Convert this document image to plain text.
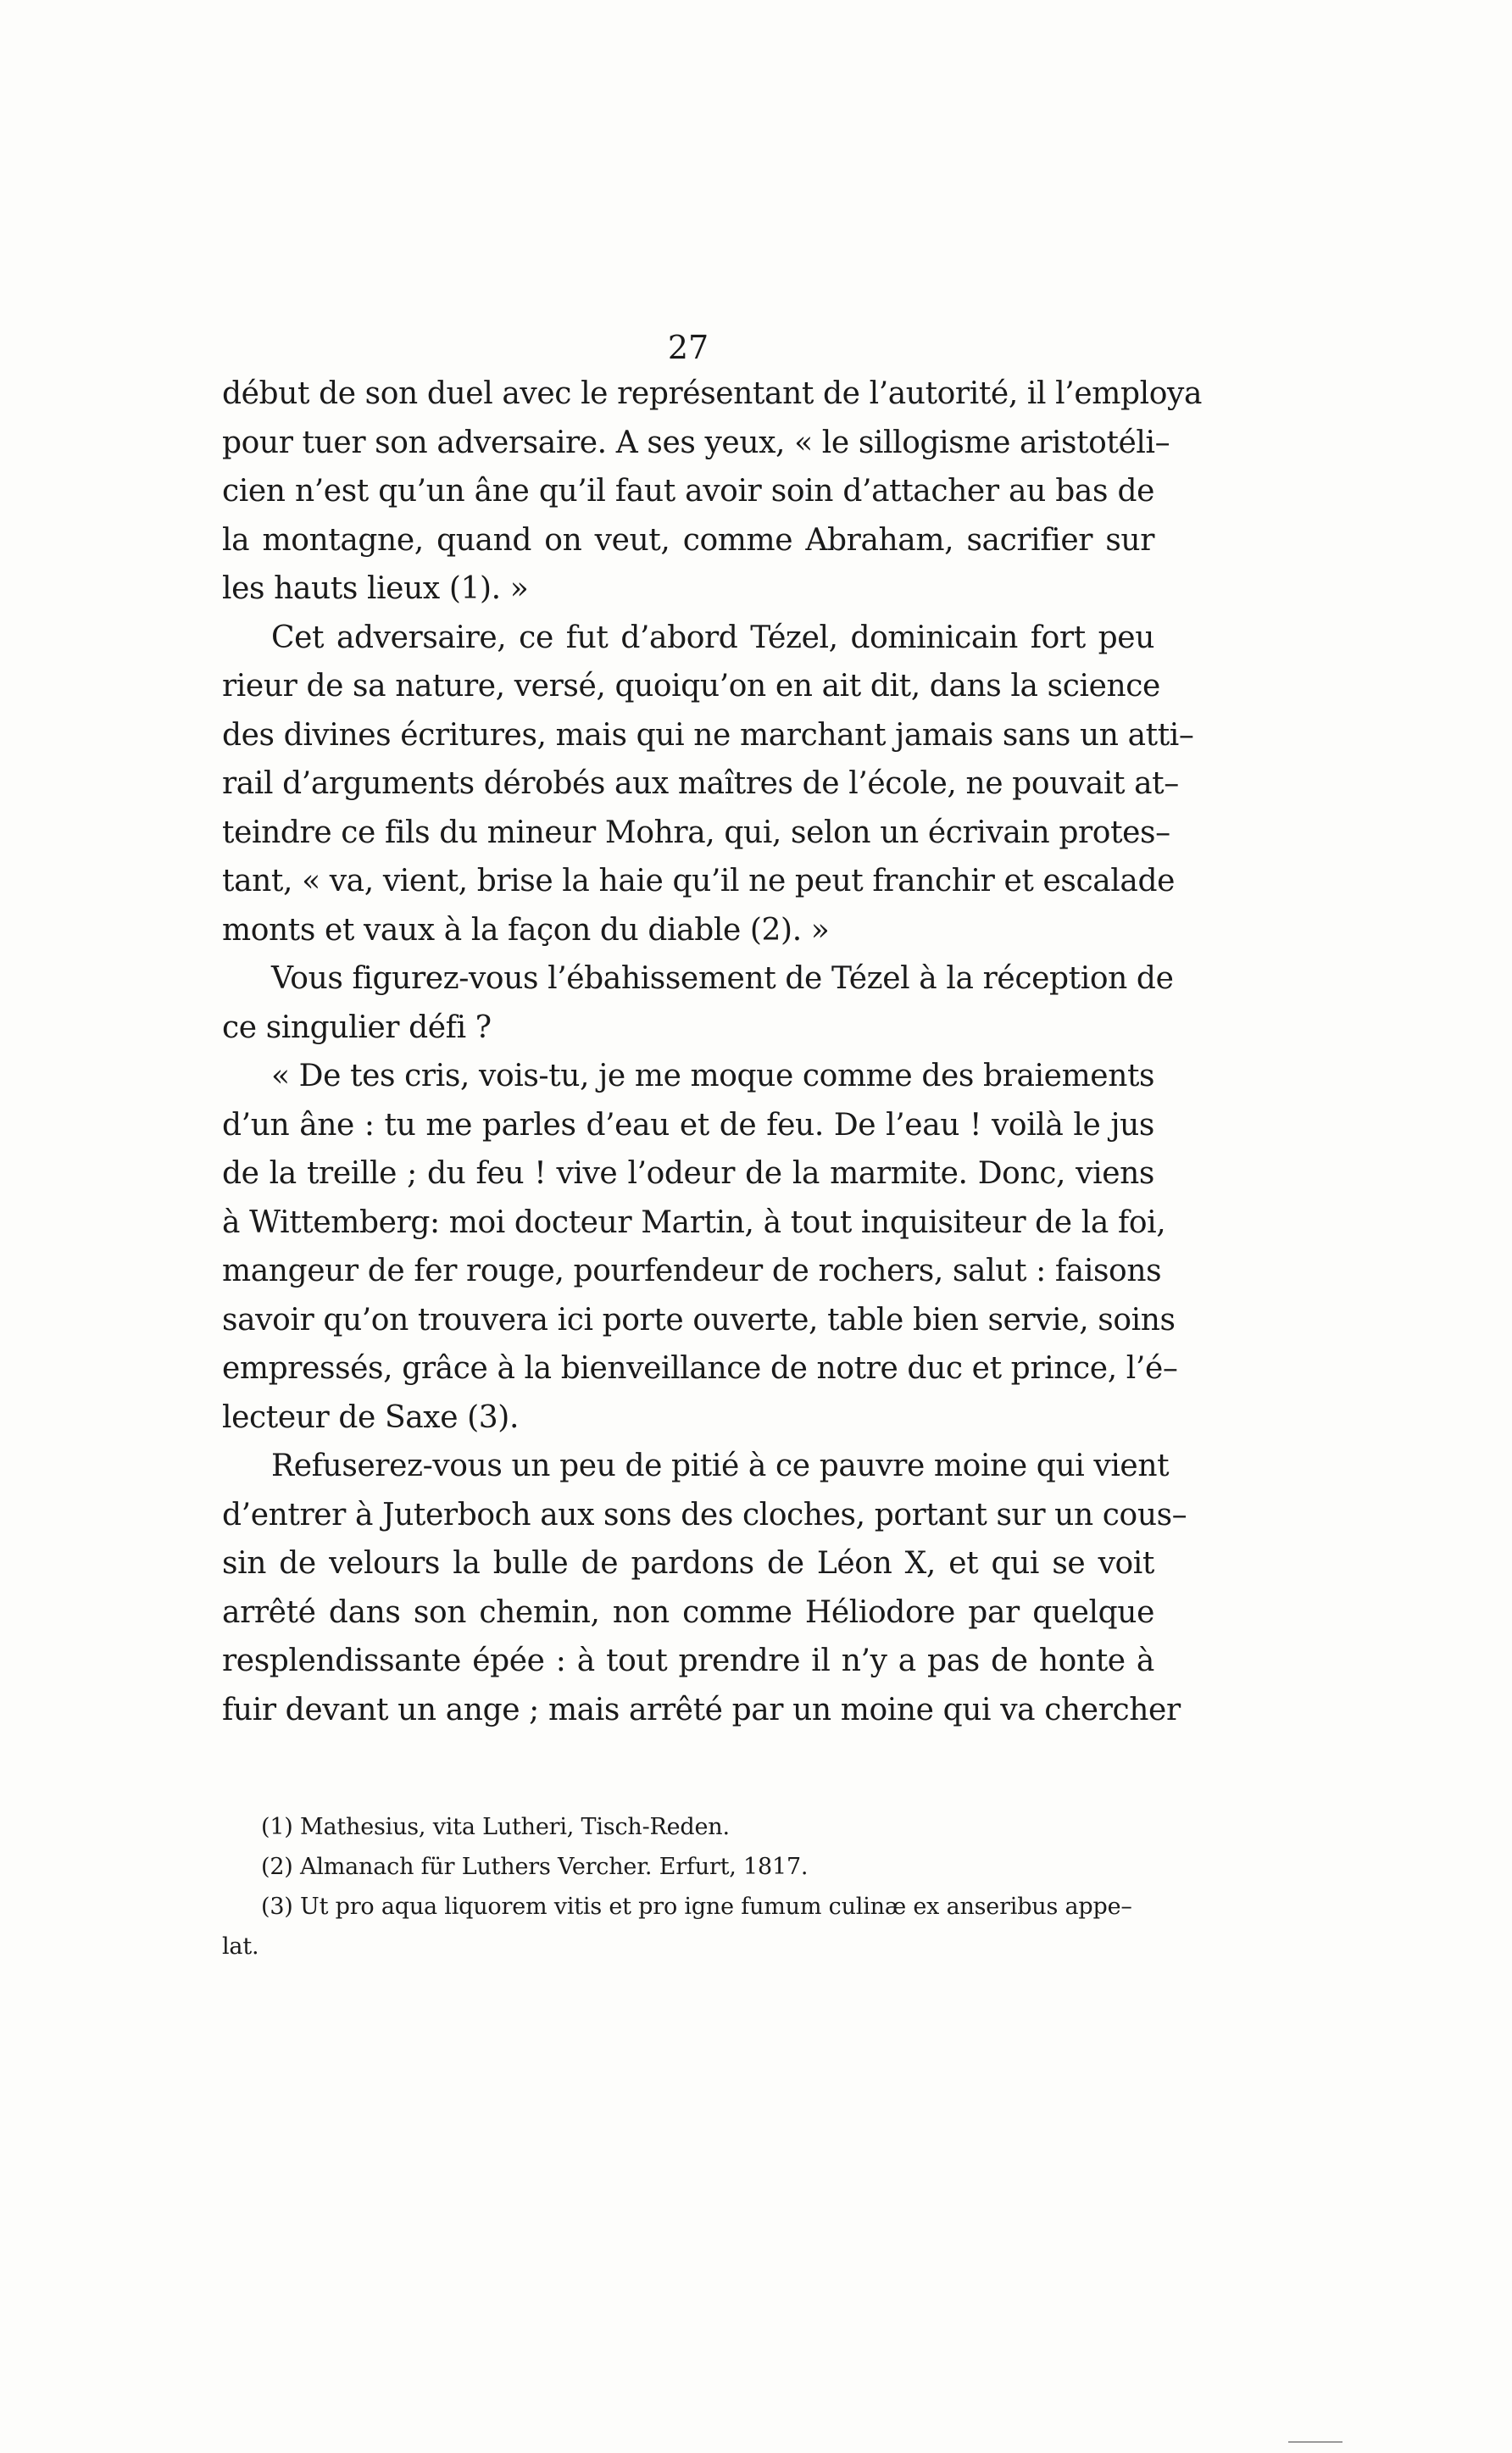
27
début de son duel avec le représentant de l’autorité, il l’employa
pour tuer son adversaire. A ses yeux, « le sillogisme aristotéli–
cien n’est qu’un âne qu’il faut avoir soin d’attacher au bas de
la montagne, quand on veut, comme Abraham, sacrifier sur
les hauts lieux (1). »
Cet adversaire, ce fut d’abord Tézel, dominicain fort peu
rieur de sa nature, versé, quoiqu’on en ait dit, dans la science
des divines écritures, mais qui ne marchant jamais sans un atti–
rail d’arguments dérobés aux maîtres de l’école, ne pouvait at–
teindre ce fils du mineur Mohra, qui, selon un écrivain protes–
tant, « va, vient, brise la haie qu’il ne peut franchir et escalade
monts et vaux à la façon du diable (2). »
Vous figurez-vous l’ébahissement de Tézel à la réception de
ce singulier défi ?
« De tes cris, vois-tu, je me moque comme des braiements
d’un âne : tu me parles d’eau et de feu. De l’eau ! voilà le jus
de la treille ; du feu ! vive l’odeur de la marmite. Donc, viens
à Wittemberg: moi docteur Martin, à tout inquisiteur de la foi,
mangeur de fer rouge, pourfendeur de rochers, salut : faisons
savoir qu’on trouvera ici porte ouverte, table bien servie, soins
empressés, grâce à la bienveillance de notre duc et prince, l’é–
lecteur de Saxe (3).
Refuserez-vous un peu de pitié à ce pauvre moine qui vient
d’entrer à Juterboch aux sons des cloches, portant sur un cous–
sin de velours la bulle de pardons de Léon X, et qui se voit
arrêté dans son chemin, non comme Héliodore par quelque
resplendissante épée : à tout prendre il n’y a pas de honte à
fuir devant un ange ; mais arrêté par un moine qui va chercher
(1) Mathesius, vita Lutheri, Tisch-Reden.
(2) Almanach für Luthers Vercher. Erfurt, 1817.
(3) Ut pro aqua liquorem vitis et pro igne fumum culinæ ex anseribus appe–
lat.
